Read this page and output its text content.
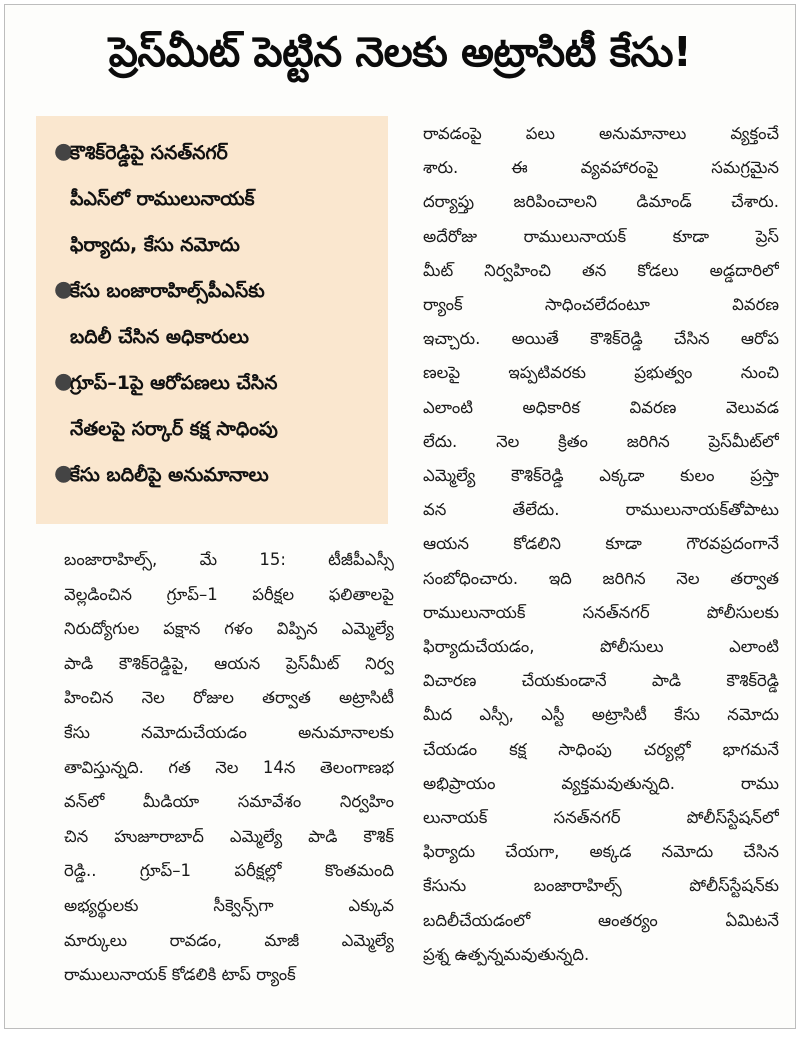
ప్రెస్‌మీట్ పెట్టిన నెలకు అట్రాసిటీ కేసు!
●
కౌశిక్‌రెడ్డిపై సనత్‌నగర్
పీఎస్‌లో రాములునాయక్
ఫిర్యాదు, కేసు నమోదు
●
కేసు బంజారాహిల్స్‌పీఎస్‌కు
బదిలీ చేసిన అధికారులు
●
గ్రూప్‌–1పై ఆరోపణలు చేసిన
నేతలపై సర్కార్ కక్ష సాధింపు
●
కేసు బదిలీపై అనుమానాలు
బంజారాహిల్స్, మే 15: టీజీపీఎస్సీ
వెల్లడించిన గ్రూప్–1 పరీక్షల ఫలితాలపై
నిరుద్యోగుల పక్షాన గళం విప్పిన ఎమ్మెల్యే
పాడి కౌశిక్‌రెడ్డిపై, ఆయన ప్రెస్‌మీట్ నిర్వ
హించిన నెల రోజుల తర్వాత అట్రాసిటీ
కేసు నమోదుచేయడం అనుమానాలకు
తావిస్తున్నది. గత నెల 14న తెలంగాణభ
వన్‌లో మీడియా సమావేశం నిర్వహిం
చిన హుజూరాబాద్ ఎమ్మెల్యే పాడి కౌశిక్
రెడ్డి.. గ్రూప్–1 పరీక్షల్లో కొంతమంది
అభ్యర్థులకు సీక్వెన్స్‌గా ఎక్కువ
మార్కులు రావడం, మాజీ ఎమ్మెల్యే
రాములునాయక్ కోడలికి టాప్ ర్యాంక్
రావడంపై పలు అనుమానాలు వ్యక్తంచే
శారు. ఈ వ్యవహారంపై సమగ్రమైన
దర్యాప్తు జరిపించాలని డిమాండ్ చేశారు.
అదేరోజు రాములునాయక్ కూడా ప్రెస్
మీట్ నిర్వహించి తన కోడలు అడ్డదారిలో
ర్యాంక్ సాధించలేదంటూ వివరణ
ఇచ్చారు. అయితే కౌశిక్‌రెడ్డి చేసిన ఆరోప
ణలపై ఇప్పటివరకు ప్రభుత్వం నుంచి
ఎలాంటి అధికారిక వివరణ వెలువడ
లేదు. నెల క్రితం జరిగిన ప్రెస్‌మీట్‌లో
ఎమ్మెల్యే కౌశిక్‌రెడ్డి ఎక్కడా కులం ప్రస్తా
వన తేలేదు. రాములునాయక్‌తోపాటు
ఆయన కోడలిని కూడా గౌరవప్రదంగానే
సంబోధించారు. ఇది జరిగిన నెల తర్వాత
రాములునాయక్ సనత్‌నగర్ పోలీసులకు
ఫిర్యాదుచేయడం, పోలీసులు ఎలాంటి
విచారణ చేయకుండానే పాడి కౌశిక్‌రెడ్డి
మీద ఎస్సీ, ఎస్టీ అట్రాసిటీ కేసు నమోదు
చేయడం కక్ష సాధింపు చర్యల్లో భాగమనే
అభిప్రాయం వ్యక్తమవుతున్నది. రాము
లునాయక్ సనత్‌నగర్ పోలీస్‌స్టేషన్‌లో
ఫిర్యాదు చేయగా, అక్కడ నమోదు చేసిన
కేసును బంజారాహిల్స్ పోలీస్‌స్టేషన్‌కు
బదిలీచేయడంలో ఆంతర్యం ఏమిటనే
ప్రశ్న ఉత్పన్నమవుతున్నది.
